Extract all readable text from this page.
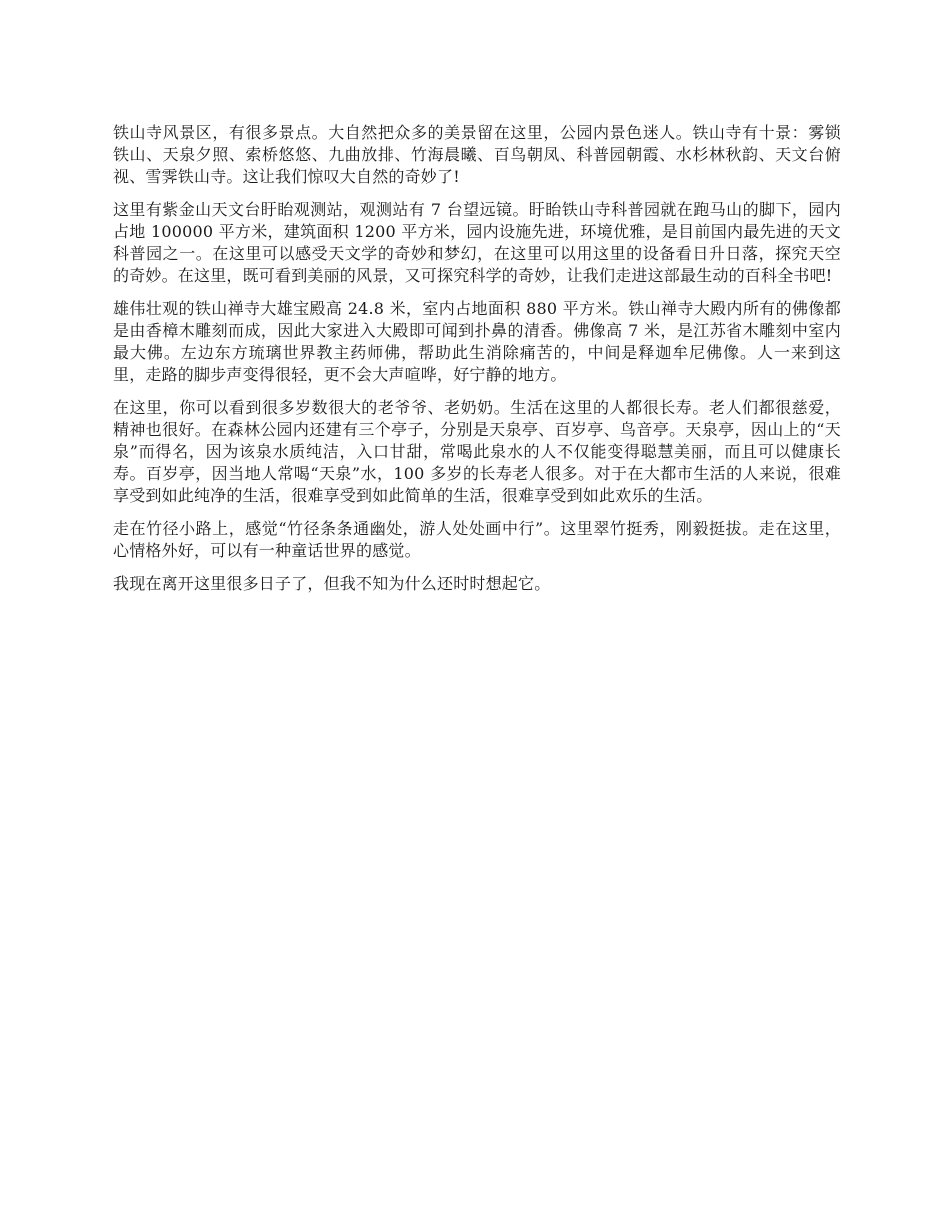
铁山寺风景区，有很多景点。大自然把众多的美景留在这里，公园内景色迷人。铁山寺有十景：雾锁铁山、天泉夕照、索桥悠悠、九曲放排、竹海晨曦、百鸟朝凤、科普园朝霞、水杉林秋韵、天文台俯视、雪霁铁山寺。这让我们惊叹大自然的奇妙了!

这里有紫金山天文台盱眙观测站，观测站有 7 台望远镜。盱眙铁山寺科普园就在跑马山的脚下，园内占地 100000 平方米，建筑面积 1200 平方米，园内设施先进，环境优雅，是目前国内最先进的天文科普园之一。在这里可以感受天文学的奇妙和梦幻，在这里可以用这里的设备看日升日落，探究天空的奇妙。在这里，既可看到美丽的风景，又可探究科学的奇妙，让我们走进这部最生动的百科全书吧!

雄伟壮观的铁山禅寺大雄宝殿高 24.8 米，室内占地面积 880 平方米。铁山禅寺大殿内所有的佛像都是由香樟木雕刻而成，因此大家进入大殿即可闻到扑鼻的清香。佛像高 7 米，是江苏省木雕刻中室内最大佛。左边东方琉璃世界教主药师佛，帮助此生消除痛苦的，中间是释迦牟尼佛像。人一来到这里，走路的脚步声变得很轻，更不会大声喧哗，好宁静的地方。

在这里，你可以看到很多岁数很大的老爷爷、老奶奶。生活在这里的人都很长寿。老人们都很慈爱，精神也很好。在森林公园内还建有三个亭子，分别是天泉亭、百岁亭、鸟音亭。天泉亭，因山上的“天泉”而得名，因为该泉水质纯洁，入口甘甜，常喝此泉水的人不仅能变得聪慧美丽，而且可以健康长寿。百岁亭，因当地人常喝“天泉”水，100 多岁的长寿老人很多。对于在大都市生活的人来说，很难享受到如此纯净的生活，很难享受到如此简单的生活，很难享受到如此欢乐的生活。

走在竹径小路上，感觉“竹径条条通幽处，游人处处画中行”。这里翠竹挺秀，刚毅挺拔。走在这里，心情格外好，可以有一种童话世界的感觉。

我现在离开这里很多日子了，但我不知为什么还时时想起它。
